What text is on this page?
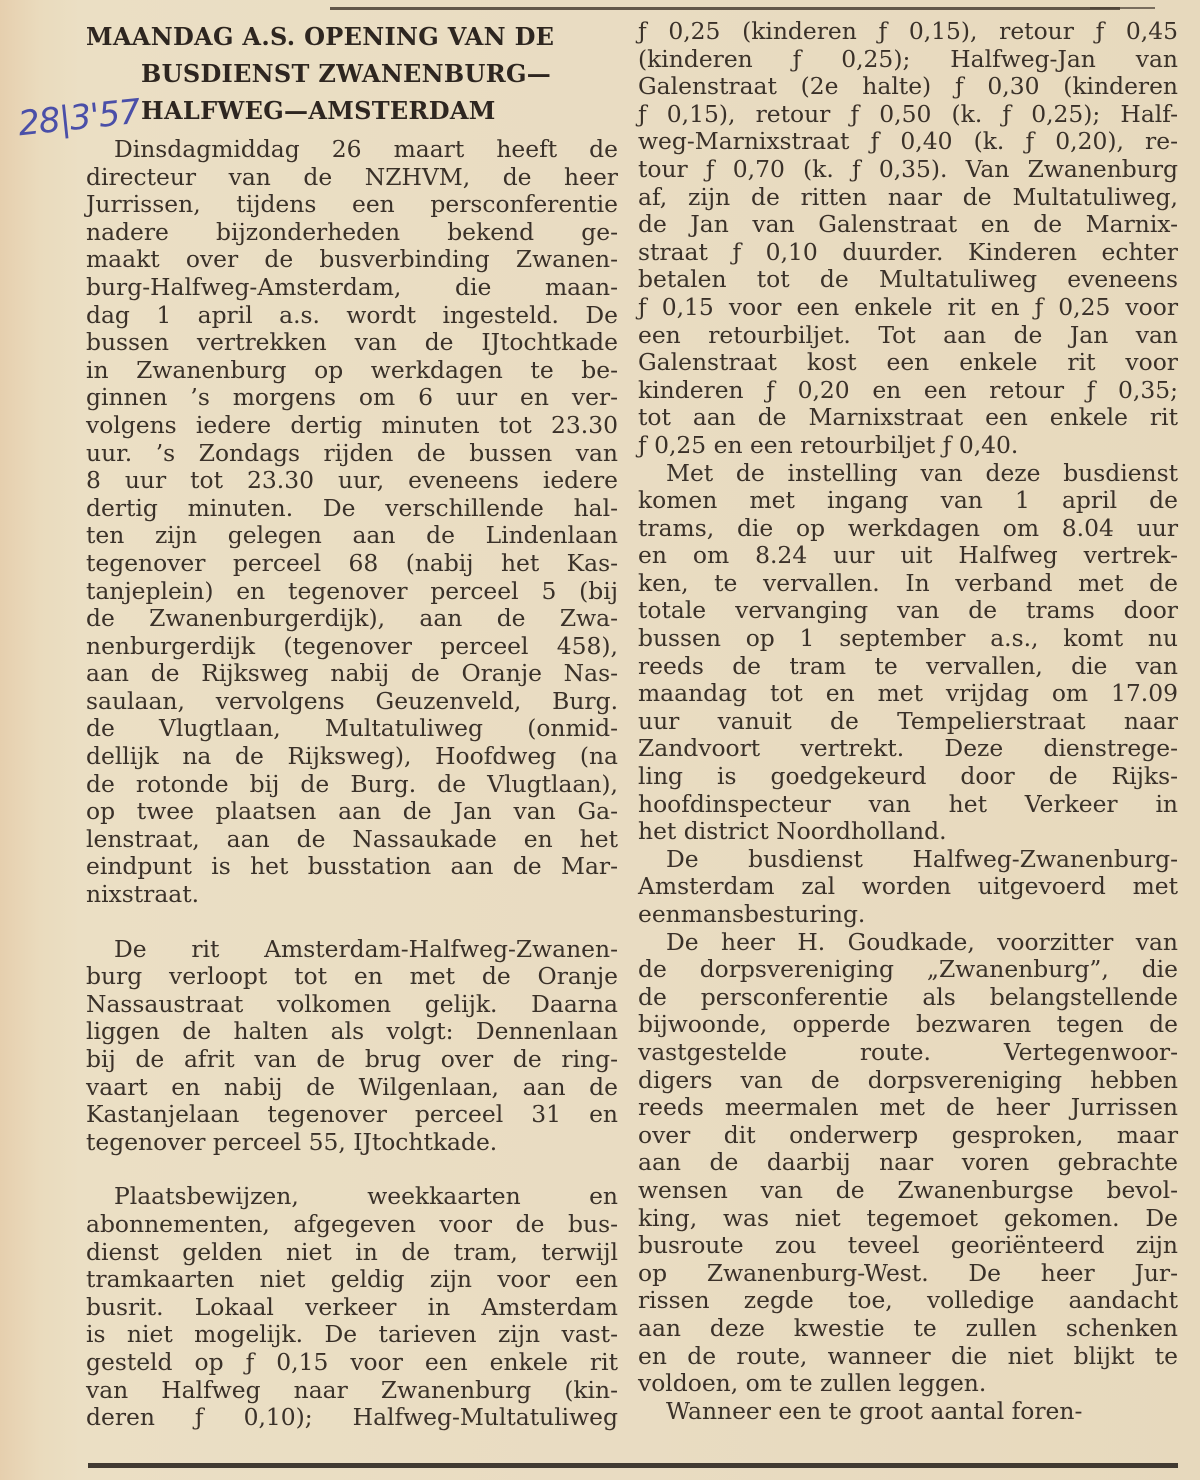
28|3'57
MAANDAG A.S. OPENING VAN DE
BUSDIENST ZWANENBURG—
HALFWEG—AMSTERDAM
Dinsdagmiddag 26 maart heeft de
directeur van de NZHVM, de heer
Jurrissen, tijdens een persconferentie
nadere bijzonderheden bekend ge-
maakt over de busverbinding Zwanen-
burg-Halfweg-Amsterdam, die maan-
dag 1 april a.s. wordt ingesteld. De
bussen vertrekken van de IJtochtkade
in Zwanenburg op werkdagen te be-
ginnen ’s morgens om 6 uur en ver-
volgens iedere dertig minuten tot 23.30
uur. ’s Zondags rijden de bussen van
8 uur tot 23.30 uur, eveneens iedere
dertig minuten. De verschillende hal-
ten zijn gelegen aan de Lindenlaan
tegenover perceel 68 (nabij het Kas-
tanjeplein) en tegenover perceel 5 (bij
de Zwanenburgerdijk), aan de Zwa-
nenburgerdijk (tegenover perceel 458),
aan de Rijksweg nabij de Oranje Nas-
saulaan, vervolgens Geuzenveld, Burg.
de Vlugtlaan, Multatuliweg (onmid-
dellijk na de Rijksweg), Hoofdweg (na
de rotonde bij de Burg. de Vlugtlaan),
op twee plaatsen aan de Jan van Ga-
lenstraat, aan de Nassaukade en het
eindpunt is het busstation aan de Mar-
nixstraat.
De rit Amsterdam-Halfweg-Zwanen-
burg verloopt tot en met de Oranje
Nassaustraat volkomen gelijk. Daarna
liggen de halten als volgt: Dennenlaan
bij de afrit van de brug over de ring-
vaart en nabij de Wilgenlaan, aan de
Kastanjelaan tegenover perceel 31 en
tegenover perceel 55, IJtochtkade.
Plaatsbewijzen, weekkaarten en
abonnementen, afgegeven voor de bus-
dienst gelden niet in de tram, terwijl
tramkaarten niet geldig zijn voor een
busrit. Lokaal verkeer in Amsterdam
is niet mogelijk. De tarieven zijn vast-
gesteld op ƒ 0,15 voor een enkele rit
van Halfweg naar Zwanenburg (kin-
deren ƒ 0,10); Halfweg-Multatuliweg
ƒ 0,25 (kinderen ƒ 0,15), retour ƒ 0,45
(kinderen ƒ 0,25); Halfweg-Jan van
Galenstraat (2e halte) ƒ 0,30 (kinderen
ƒ 0,15), retour ƒ 0,50 (k. ƒ 0,25); Half-
weg-Marnixstraat ƒ 0,40 (k. ƒ 0,20), re-
tour ƒ 0,70 (k. ƒ 0,35). Van Zwanenburg
af, zijn de ritten naar de Multatuliweg,
de Jan van Galenstraat en de Marnix-
straat ƒ 0,10 duurder. Kinderen echter
betalen tot de Multatuliweg eveneens
ƒ 0,15 voor een enkele rit en ƒ 0,25 voor
een retourbiljet. Tot aan de Jan van
Galenstraat kost een enkele rit voor
kinderen ƒ 0,20 en een retour ƒ 0,35;
tot aan de Marnixstraat een enkele rit
ƒ 0,25 en een retourbiljet ƒ 0,40.
Met de instelling van deze busdienst
komen met ingang van 1 april de
trams, die op werkdagen om 8.04 uur
en om 8.24 uur uit Halfweg vertrek-
ken, te vervallen. In verband met de
totale vervanging van de trams door
bussen op 1 september a.s., komt nu
reeds de tram te vervallen, die van
maandag tot en met vrijdag om 17.09
uur vanuit de Tempelierstraat naar
Zandvoort vertrekt. Deze dienstrege-
ling is goedgekeurd door de Rijks-
hoofdinspecteur van het Verkeer in
het district Noordholland.
De busdienst Halfweg-Zwanenburg-
Amsterdam zal worden uitgevoerd met
eenmansbesturing.
De heer H. Goudkade, voorzitter van
de dorpsvereniging „Zwanenburg”, die
de persconferentie als belangstellende
bijwoonde, opperde bezwaren tegen de
vastgestelde route. Vertegenwoor-
digers van de dorpsvereniging hebben
reeds meermalen met de heer Jurrissen
over dit onderwerp gesproken, maar
aan de daarbij naar voren gebrachte
wensen van de Zwanenburgse bevol-
king, was niet tegemoet gekomen. De
busroute zou teveel georiënteerd zijn
op Zwanenburg-West. De heer Jur-
rissen zegde toe, volledige aandacht
aan deze kwestie te zullen schenken
en de route, wanneer die niet blijkt te
voldoen, om te zullen leggen.
Wanneer een te groot aantal foren-
